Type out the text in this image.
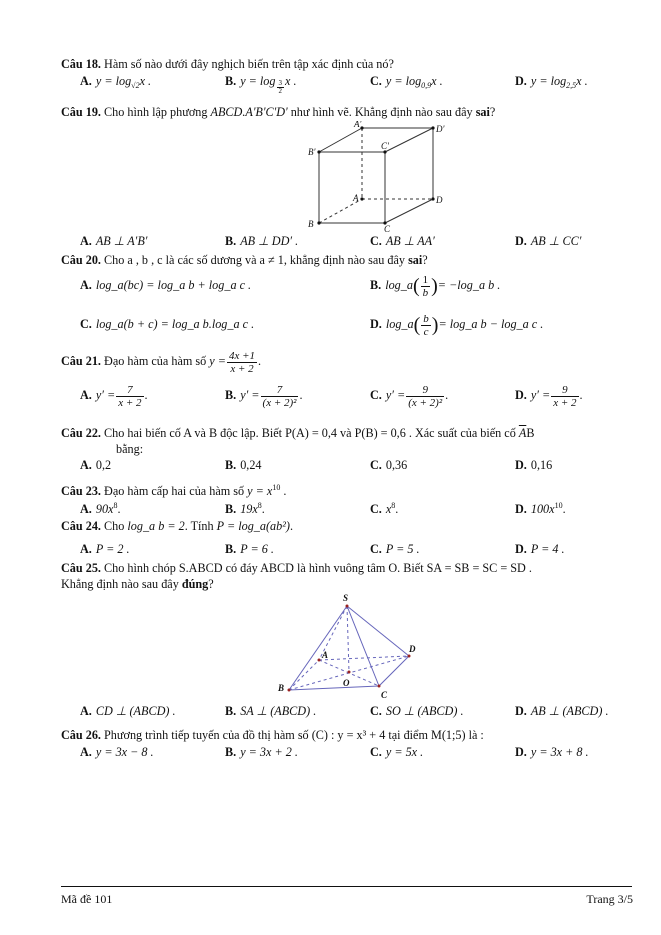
Câu 18. Hàm số nào dưới đây nghịch biến trên tập xác định của nó?
A. $y = \log_{√2}x$ .	B. $y = \log \frac{3}{2}$ x .	C. $y = \log_{0,9}x$ .	D. $y = \log_{2,5}x$ .
Câu 19. Cho hình lập phương ABCD.A'B'C'D' như hình vẽ. Khẳng định nào sau đây sai?
A'	D'
B'
C'
A	D
B	C
A. AB ⊥ A′B′	B. AB ⊥ DD′ .	C. AB ⊥ AA′	D. AB ⊥ CC′
Câu 20. Cho a , b , c là các số dương và a ≠ 1, khẳng định nào sau đây sai?
A. log_a(bc) = log_a b + log_a c .	B. log_a( $\frac{1}{b}$ )= −log_a b .
C. log_a(b + c) = log_a b.log_a c .	D. log_a( $\frac{b}{c}$ )= log_a b − log_a c .
Câu 21. Đạo hàm của hàm số $y = \frac{4x +1}{x + 2}$ .
A. $y' = \frac{7}{x + 2}$ .	B. $y' = \frac{7}{\text{(x + 2)²}}$ .	C. $y' = \frac{9}{\text{(x + 2)²}}$ .	D. $y' = \frac{9}{x + 2}$ .
Câu 22. Cho hai biến cố A và B độc lập. Biết P(A) = 0,4 và P(B) = 0,6 . Xác suất của biến cố $\overline{A}B$
bằng:
A. 0,2	B. 0,24	C. 0,36	D. 0,16
Câu 23. Đạo hàm cấp hai của hàm số $y = x^{10}$ .
A. $90x^8$.	B. $19x^8$.	C. $x^8$.	D. $100x^{10}$.
Câu 24. Cho log_a b = 2. Tính P = log_a(ab²).
A. P = 2 .	B. P = 6 .	C. P = 5 .	D. P = 4 .
Câu 25. Cho hình chóp S.ABCD có đáy ABCD là hình vuông tâm O. Biết SA = SB = SC = SD .
Khẳng định nào sau đây đúng?
S
A
B
C
D
O
A. CD ⊥ (ABCD) .	B. SA ⊥ (ABCD) .	C. SO ⊥ (ABCD) .	D. AB ⊥ (ABCD) .
Câu 26. Phương trình tiếp tuyến của đồ thị hàm số (C) : y = x³ + 4 tại điểm M(1;5) là :
A. y = 3x − 8 .	B. y = 3x + 2 .	C. y = 5x .	D. y = 3x + 8 .
Mã đề 101	Trang 3/5
